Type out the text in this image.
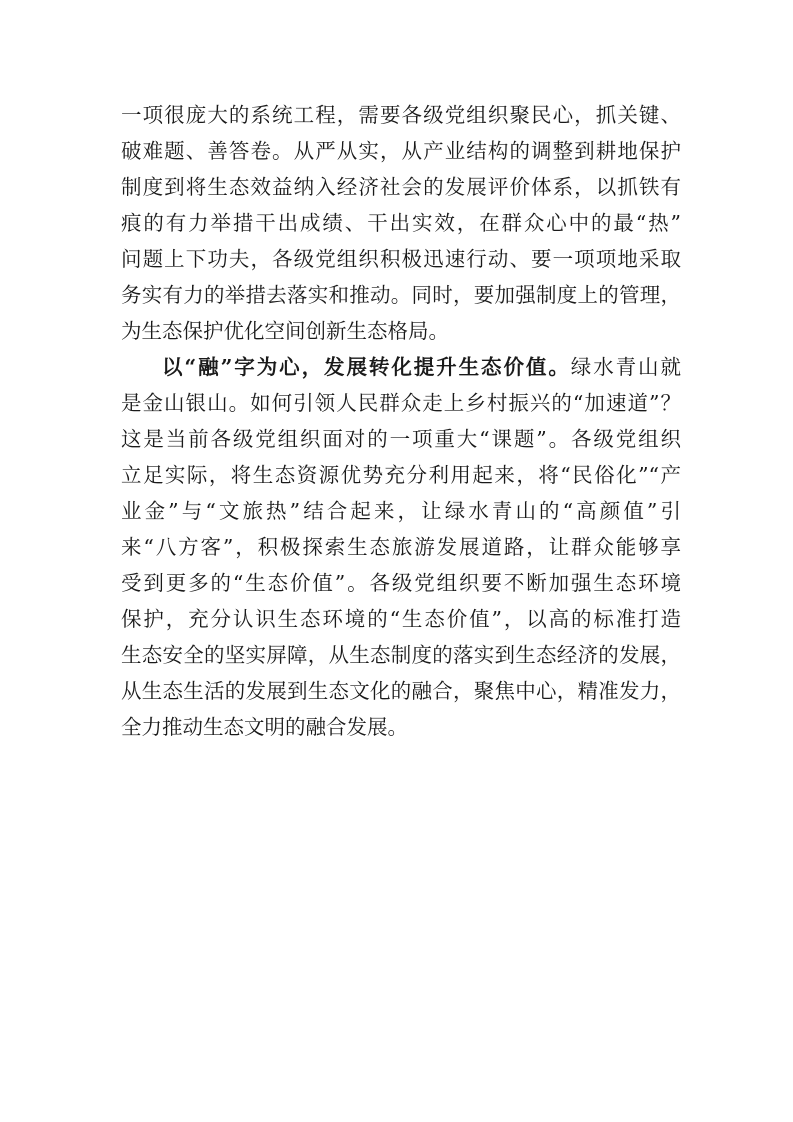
一项很庞大的系统工程，需要各级党组织聚民心，抓关键、
破难题、善答卷。从严从实，从产业结构的调整到耕地保护
制度到将生态效益纳入经济社会的发展评价体系，以抓铁有
痕的有力举措干出成绩、干出实效，在群众心中的最“热”
问题上下功夫，各级党组织积极迅速行动、要一项项地采取
务实有力的举措去落实和推动。同时，要加强制度上的管理，
为生态保护优化空间创新生态格局。
以“融”字为心，发展转化提升生态价值。绿水青山就
是金山银山。如何引领人民群众走上乡村振兴的“加速道”？
这是当前各级党组织面对的一项重大“课题”。各级党组织
立足实际，将生态资源优势充分利用起来，将“民俗化”“产
业金”与“文旅热”结合起来，让绿水青山的“高颜值”引
来“八方客”，积极探索生态旅游发展道路，让群众能够享
受到更多的“生态价值”。各级党组织要不断加强生态环境
保护，充分认识生态环境的“生态价值”，以高的标准打造
生态安全的坚实屏障，从生态制度的落实到生态经济的发展，
从生态生活的发展到生态文化的融合，聚焦中心，精准发力，
全力推动生态文明的融合发展。
